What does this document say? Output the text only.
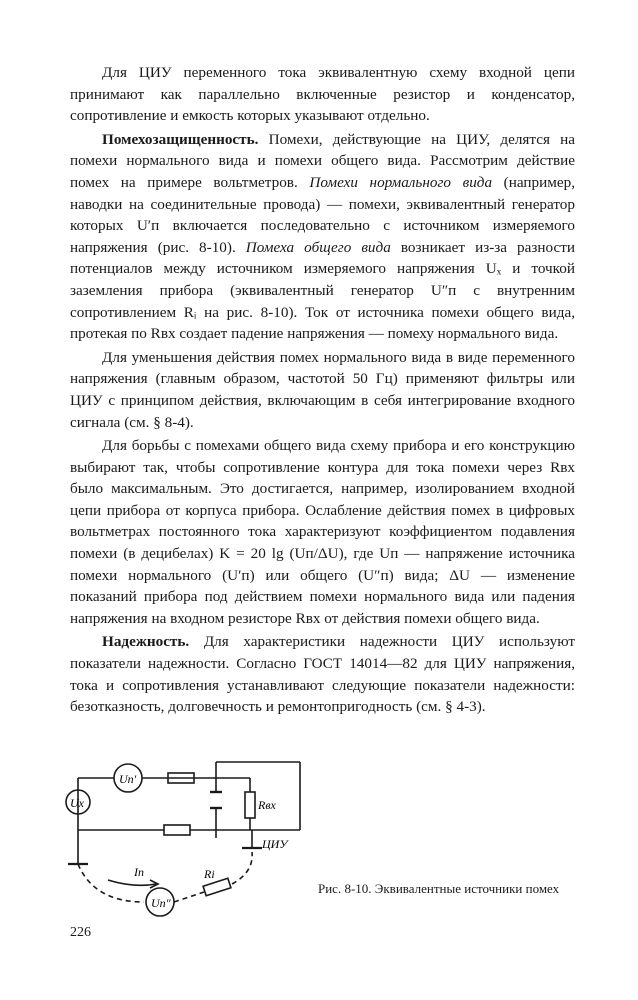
Для ЦИУ переменного тока эквивалентную схему входной цепи принимают как параллельно включенные резистор и конденсатор, сопротивление и емкость которых указывают отдельно.

Помехозащищенность. Помехи, действующие на ЦИУ, делятся на помехи нормального вида и помехи общего вида. Рассмотрим действие помех на примере вольтметров. Помехи нормального вида (например, наводки на соединительные провода) — помехи, эквивалентный генератор которых U′п включается последовательно с источником измеряемого напряжения (рис. 8-10). Помеха общего вида возникает из-за разности потенциалов между источником измеряемого напряжения Uₓ и точкой заземления прибора (эквивалентный генератор U″п с внутренним сопротивлением Rᵢ на рис. 8-10). Ток от источника помехи общего вида, протекая по Rвх создает падение напряжения — помеху нормального вида.

Для уменьшения действия помех нормального вида в виде переменного напряжения (главным образом, частотой 50 Гц) применяют фильтры или ЦИУ с принципом действия, включающим в себя интегрирование входного сигнала (см. § 8-4).

Для борьбы с помехами общего вида схему прибора и его конструкцию выбирают так, чтобы сопротивление контура для тока помехи через Rвх было максимальным. Это достигается, например, изолированием входной цепи прибора от корпуса прибора. Ослабление действия помех в цифровых вольтметрах постоянного тока характеризуют коэффициентом подавления помехи (в децибелах) K = 20 lg (Uп/ΔU), где Uп — напряжение источника помехи нормального (U′п) или общего (U″п) вида; ΔU — изменение показаний прибора под действием помехи нормального вида или падения напряжения на входном резисторе Rвх от действия помехи общего вида.

Надежность. Для характеристики надежности ЦИУ используют показатели надежности. Согласно ГОСТ 14014—82 для ЦИУ напряжения, тока и сопротивления устанавливают следующие показатели надежности: безотказность, долговечность и ремонтопригодность (см. § 4-3).

Ux
Un′
Un″
Rвх
ЦИУ
Iп	Ri
Рис. 8-10. Эквивалентные источники помех
226
